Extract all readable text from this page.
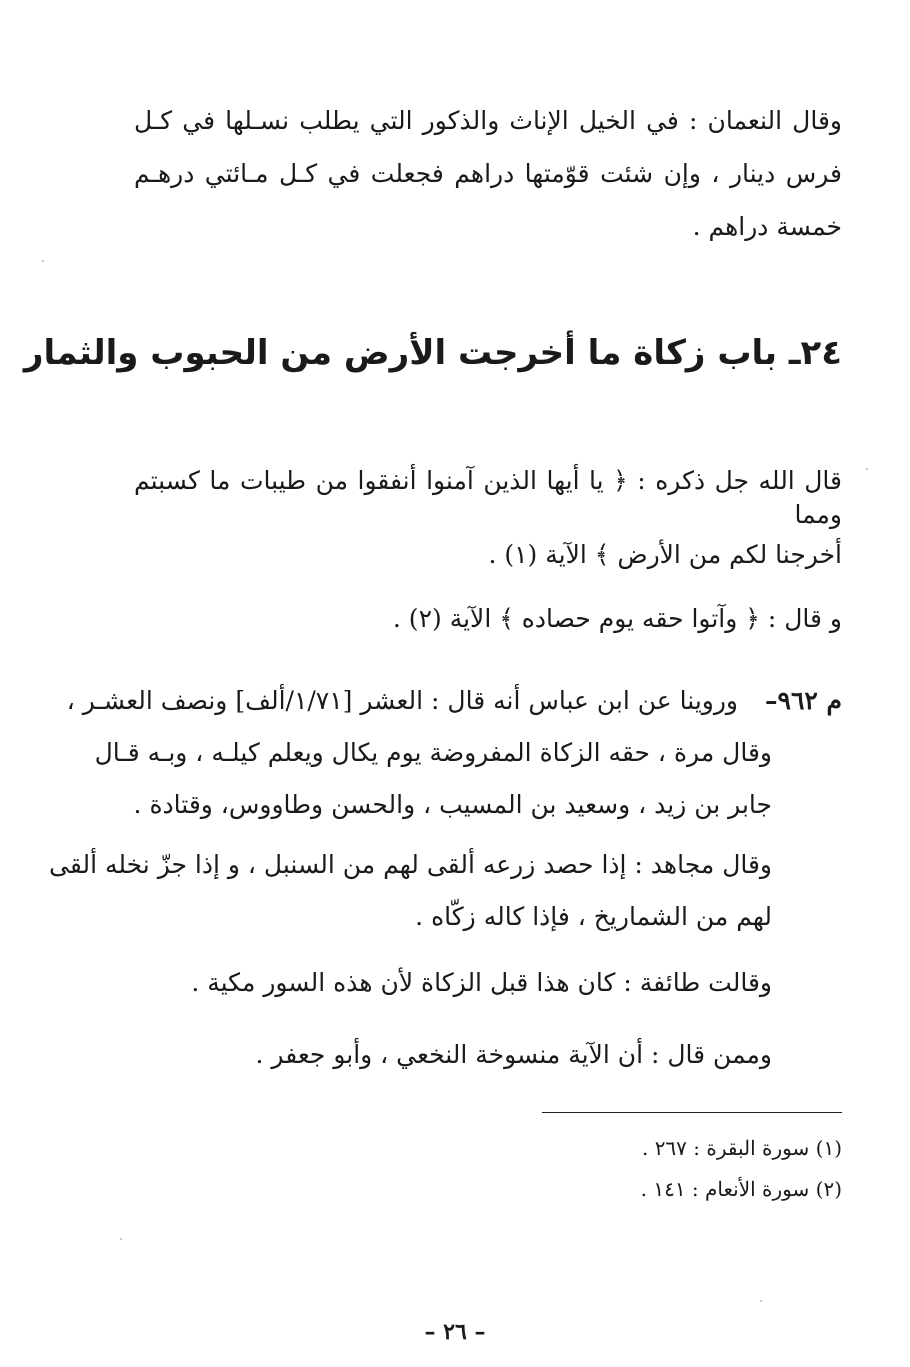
وقال النعمان : في الخيل الإناث والذكور التي يطلب نسـلها في كـل
فرس دينار ، وإن شئت قوّمتها دراهم فجعلت في كـل مـائتي درهـم
خمسة دراهم .
٢٤ـ باب زكاة ما أخرجت الأرض من الحبوب والثمار
قال الله جل ذكره : ﴿ يا أيها الذين آمنوا أنفقوا من طيبات ما كسبتم ومما
أخرجنا لكم من الأرض ﴾ الآية (١) .
و قال : ﴿ وآتوا حقه يوم حصاده ﴾ الآية (٢) .
م ٩٦٢–
وروينا عن ابن عباس أنه قال : العشر [١/٧١/ألف] ونصف العشـر ،
وقال مرة ، حقه الزكاة المفروضة يوم يكال ويعلم كيلـه ، وبـه قـال
جابر بن زيد ، وسعيد بن المسيب ، والحسن وطاووس، وقتادة .
وقال مجاهد : إذا حصد زرعه ألقى لهم من السنبل ، و إذا جزّ نخله ألقى
لهم من الشماريخ ، فإذا كاله زكّاه .
وقالت طائفة : كان هذا قبل الزكاة لأن هذه السور مكية .
وممن قال : أن الآية منسوخة النخعي ، وأبو جعفر .
(١) سورة البقرة : ٢٦٧ .
(٢) سورة الأنعام : ١٤١ .
– ٢٦ –
